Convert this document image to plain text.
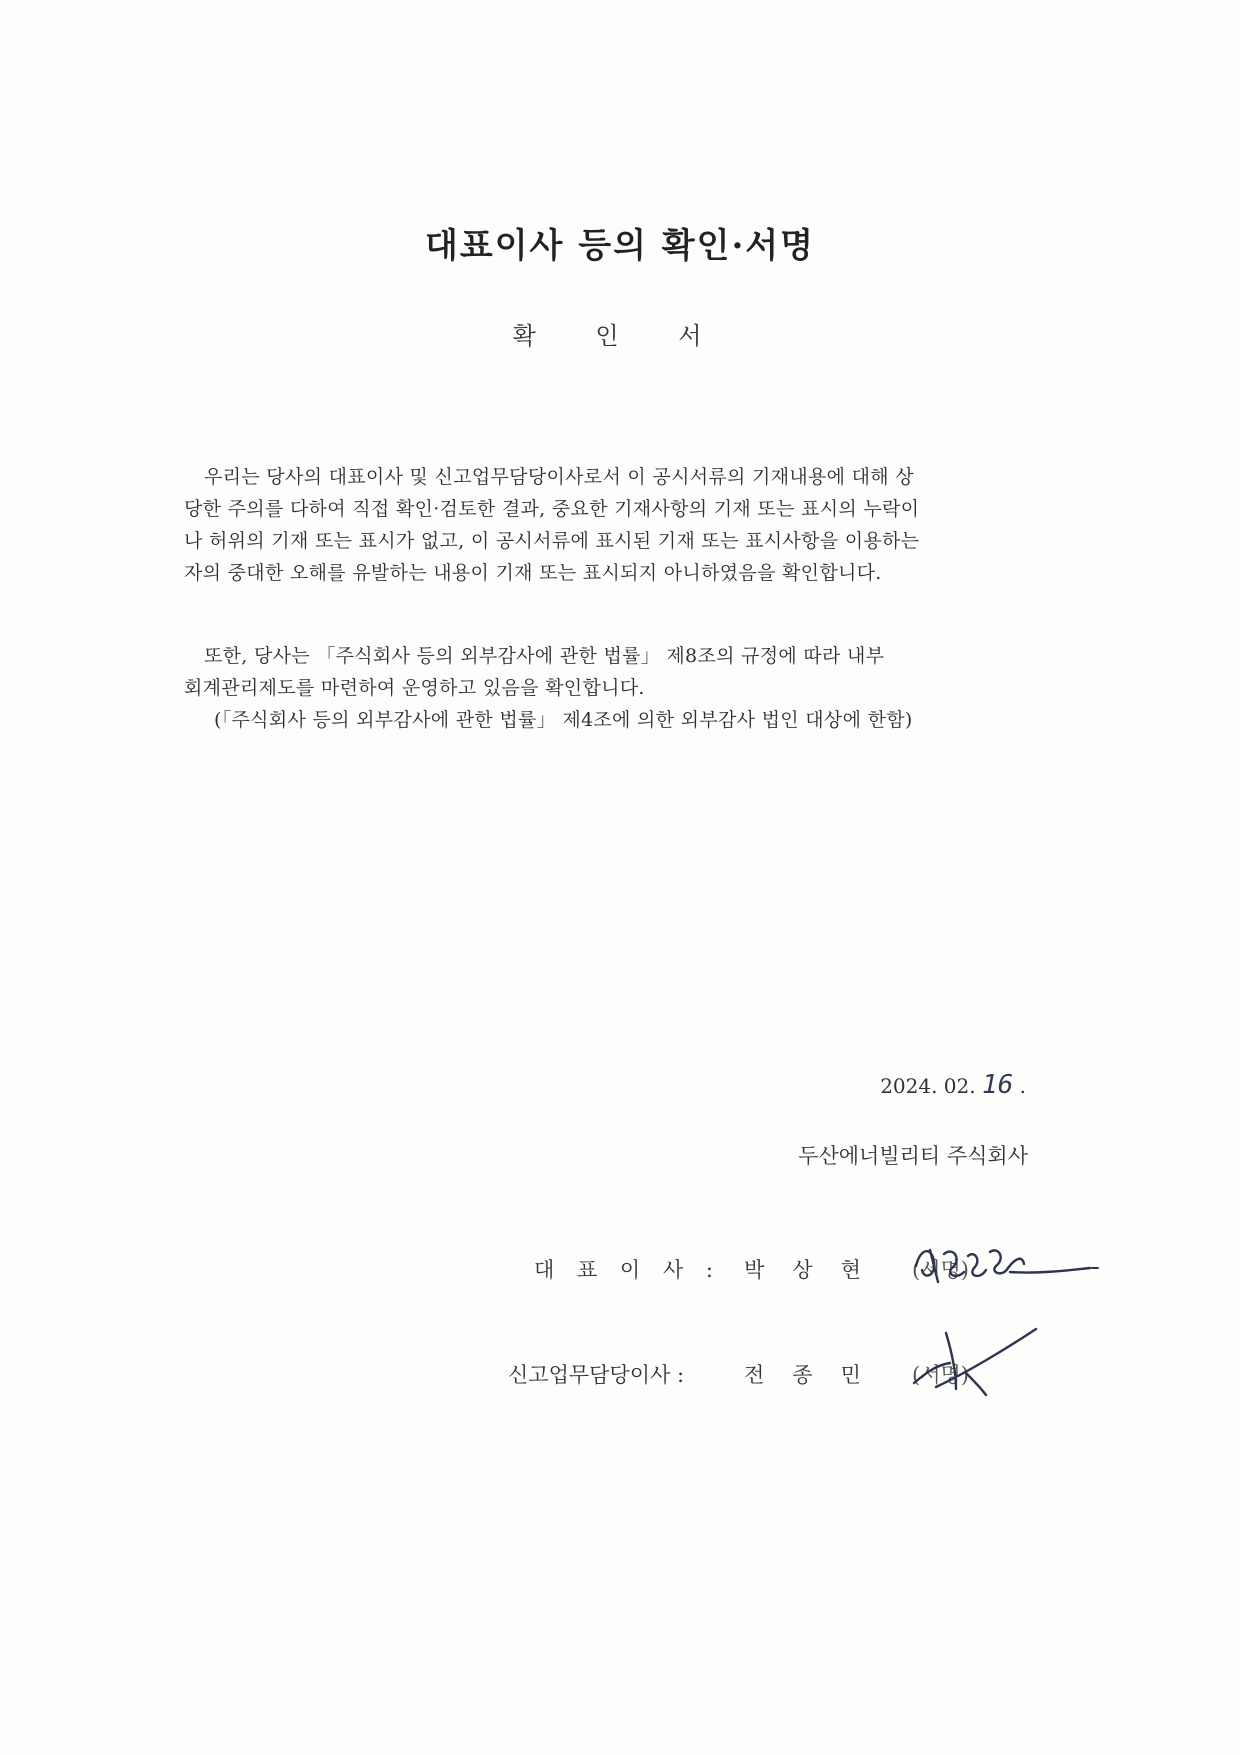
대표이사 등의 확인·서명
확 인 서
우리는 당사의 대표이사 및 신고업무담당이사로서 이 공시서류의 기재내용에 대해 상
당한 주의를 다하여 직접 확인·검토한 결과, 중요한 기재사항의 기재 또는 표시의 누락이
나 허위의 기재 또는 표시가 없고, 이 공시서류에 표시된 기재 또는 표시사항을 이용하는
자의 중대한 오해를 유발하는 내용이 기재 또는 표시되지 아니하였음을 확인합니다.
또한, 당사는 「주식회사 등의 외부감사에 관한 법률」 제8조의 규정에 따라 내부
회계관리제도를 마련하여 운영하고 있음을 확인합니다.
(「주식회사 등의 외부감사에 관한 법률」 제4조에 의한 외부감사 법인 대상에 한함)
2024. 02. 16 .
두산에너빌리티 주식회사
대 표 이 사 : 박상현 (서명)
신고업무담당이사 :	전종민 (서명)
